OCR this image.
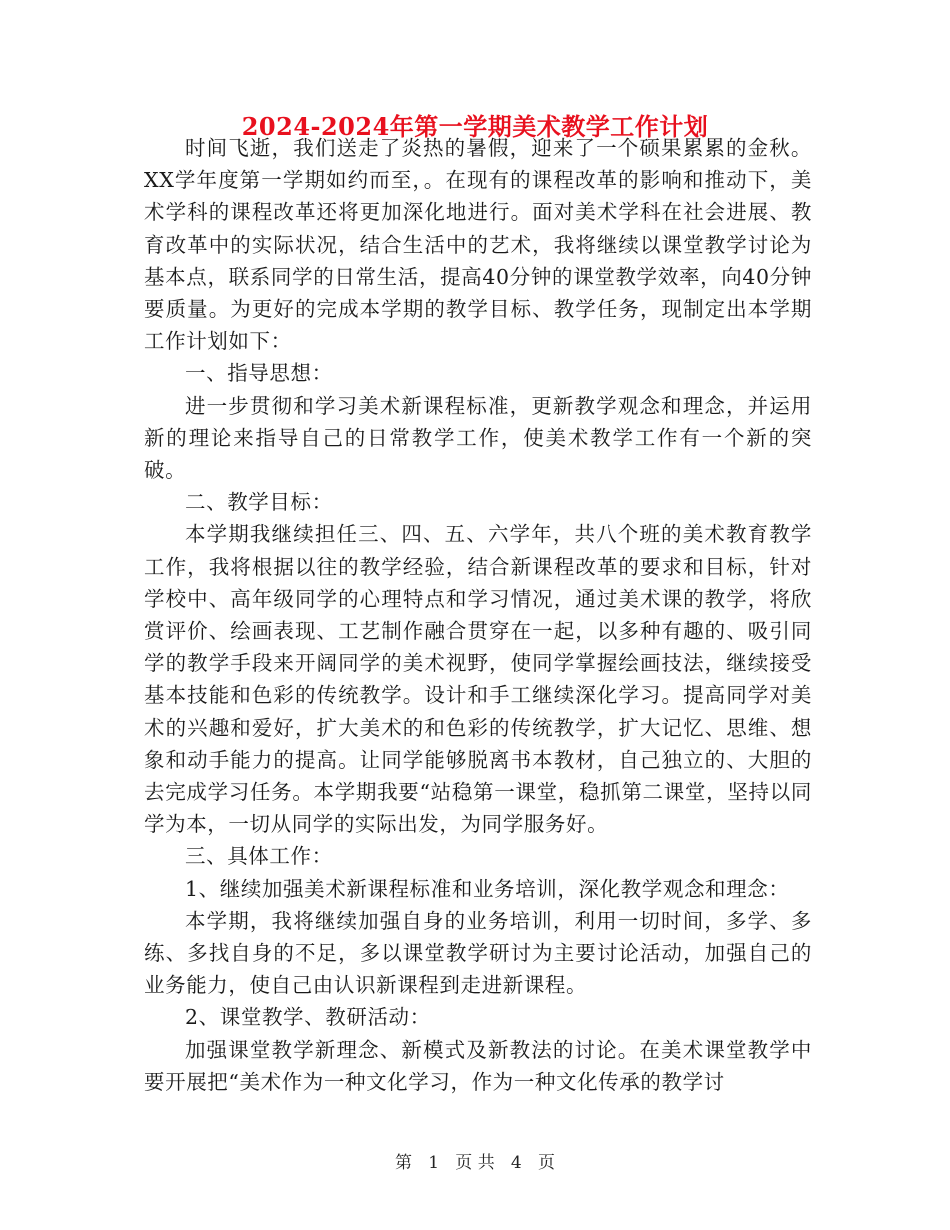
2024-2024年第一学期美术教学工作计划

时间飞逝，我们送走了炎热的暑假，迎来了一个硕果累累的金秋。XX学年度第一学期如约而至，。在现有的课程改革的影响和推动下，美术学科的课程改革还将更加深化地进行。面对美术学科在社会进展、教育改革中的实际状况，结合生活中的艺术，我将继续以课堂教学讨论为基本点，联系同学的日常生活，提高40分钟的课堂教学效率，向40分钟要质量。为更好的完成本学期的教学目标、教学任务，现制定出本学期工作计划如下：

一、指导思想：

进一步贯彻和学习美术新课程标准，更新教学观念和理念，并运用新的理论来指导自己的日常教学工作，使美术教学工作有一个新的突破。

二、教学目标：

本学期我继续担任三、四、五、六学年，共八个班的美术教育教学工作，我将根据以往的教学经验，结合新课程改革的要求和目标，针对学校中、高年级同学的心理特点和学习情况，通过美术课的教学，将欣赏评价、绘画表现、工艺制作融合贯穿在一起，以多种有趣的、吸引同学的教学手段来开阔同学的美术视野，使同学掌握绘画技法，继续接受基本技能和色彩的传统教学。设计和手工继续深化学习。提高同学对美术的兴趣和爱好，扩大美术的和色彩的传统教学，扩大记忆、思维、想象和动手能力的提高。让同学能够脱离书本教材，自己独立的、大胆的去完成学习任务。本学期我要“站稳第一课堂，稳抓第二课堂，坚持以同学为本，一切从同学的实际出发，为同学服务好。

三、具体工作：

1、继续加强美术新课程标准和业务培训，深化教学观念和理念：

本学期，我将继续加强自身的业务培训，利用一切时间，多学、多练、多找自身的不足，多以课堂教学研讨为主要讨论活动，加强自己的业务能力，使自己由认识新课程到走进新课程。

2、课堂教学、教研活动：

加强课堂教学新理念、新模式及新教法的讨论。在美术课堂教学中要开展把“美术作为一种文化学习，作为一种文化传承的教学讨

第 1 页 共 4 页
